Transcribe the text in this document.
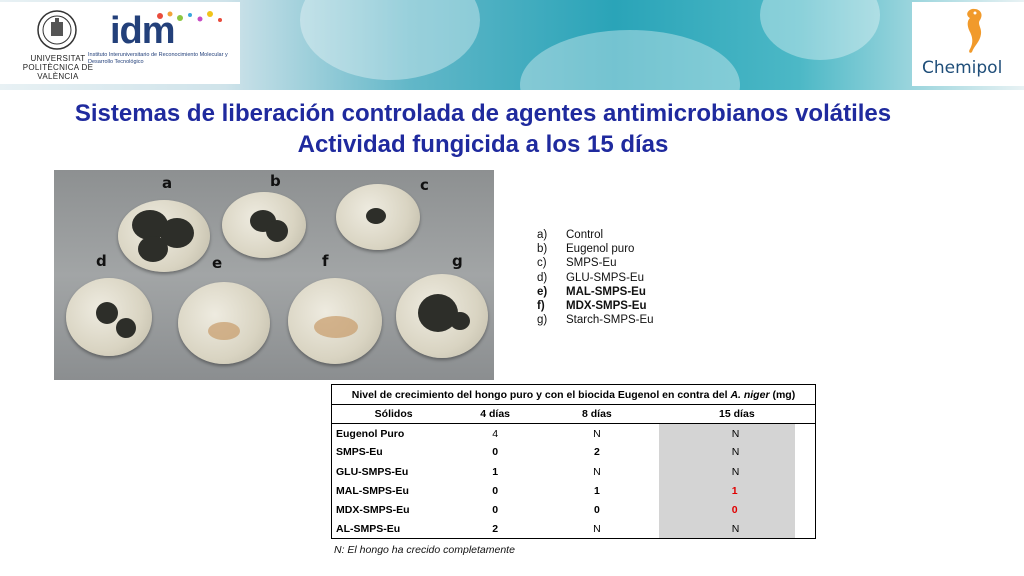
UNIVERSITAT POLITÈCNICA DE VALÈNCIA
idm
Instituto Interuniversitario de Reconocimiento Molecular y Desarrollo Tecnológico	Chemipol
Sistemas de liberación controlada de agentes antimicrobianos volátiles
Actividad fungicida a los 15 días
a	b	c
d	e	f	g
a)	Control
b)	Eugenol puro
c)	SMPS-Eu
d)	GLU-SMPS-Eu
e)	MAL-SMPS-Eu
f)	MDX-SMPS-Eu
g)	Starch-SMPS-Eu
Nivel de crecimiento del hongo puro y con el biocida Eugenol en contra del A. niger (mg)				
Sólidos	4 días	8 días	15 días	
Eugenol Puro	4	N	N	
SMPS-Eu	0	2	N	
GLU-SMPS-Eu	1	N	N	
MAL-SMPS-Eu	0	1	1	
MDX-SMPS-Eu	0	0	0	
AL-SMPS-Eu	2	N	N	
N: El hongo ha crecido completamente
